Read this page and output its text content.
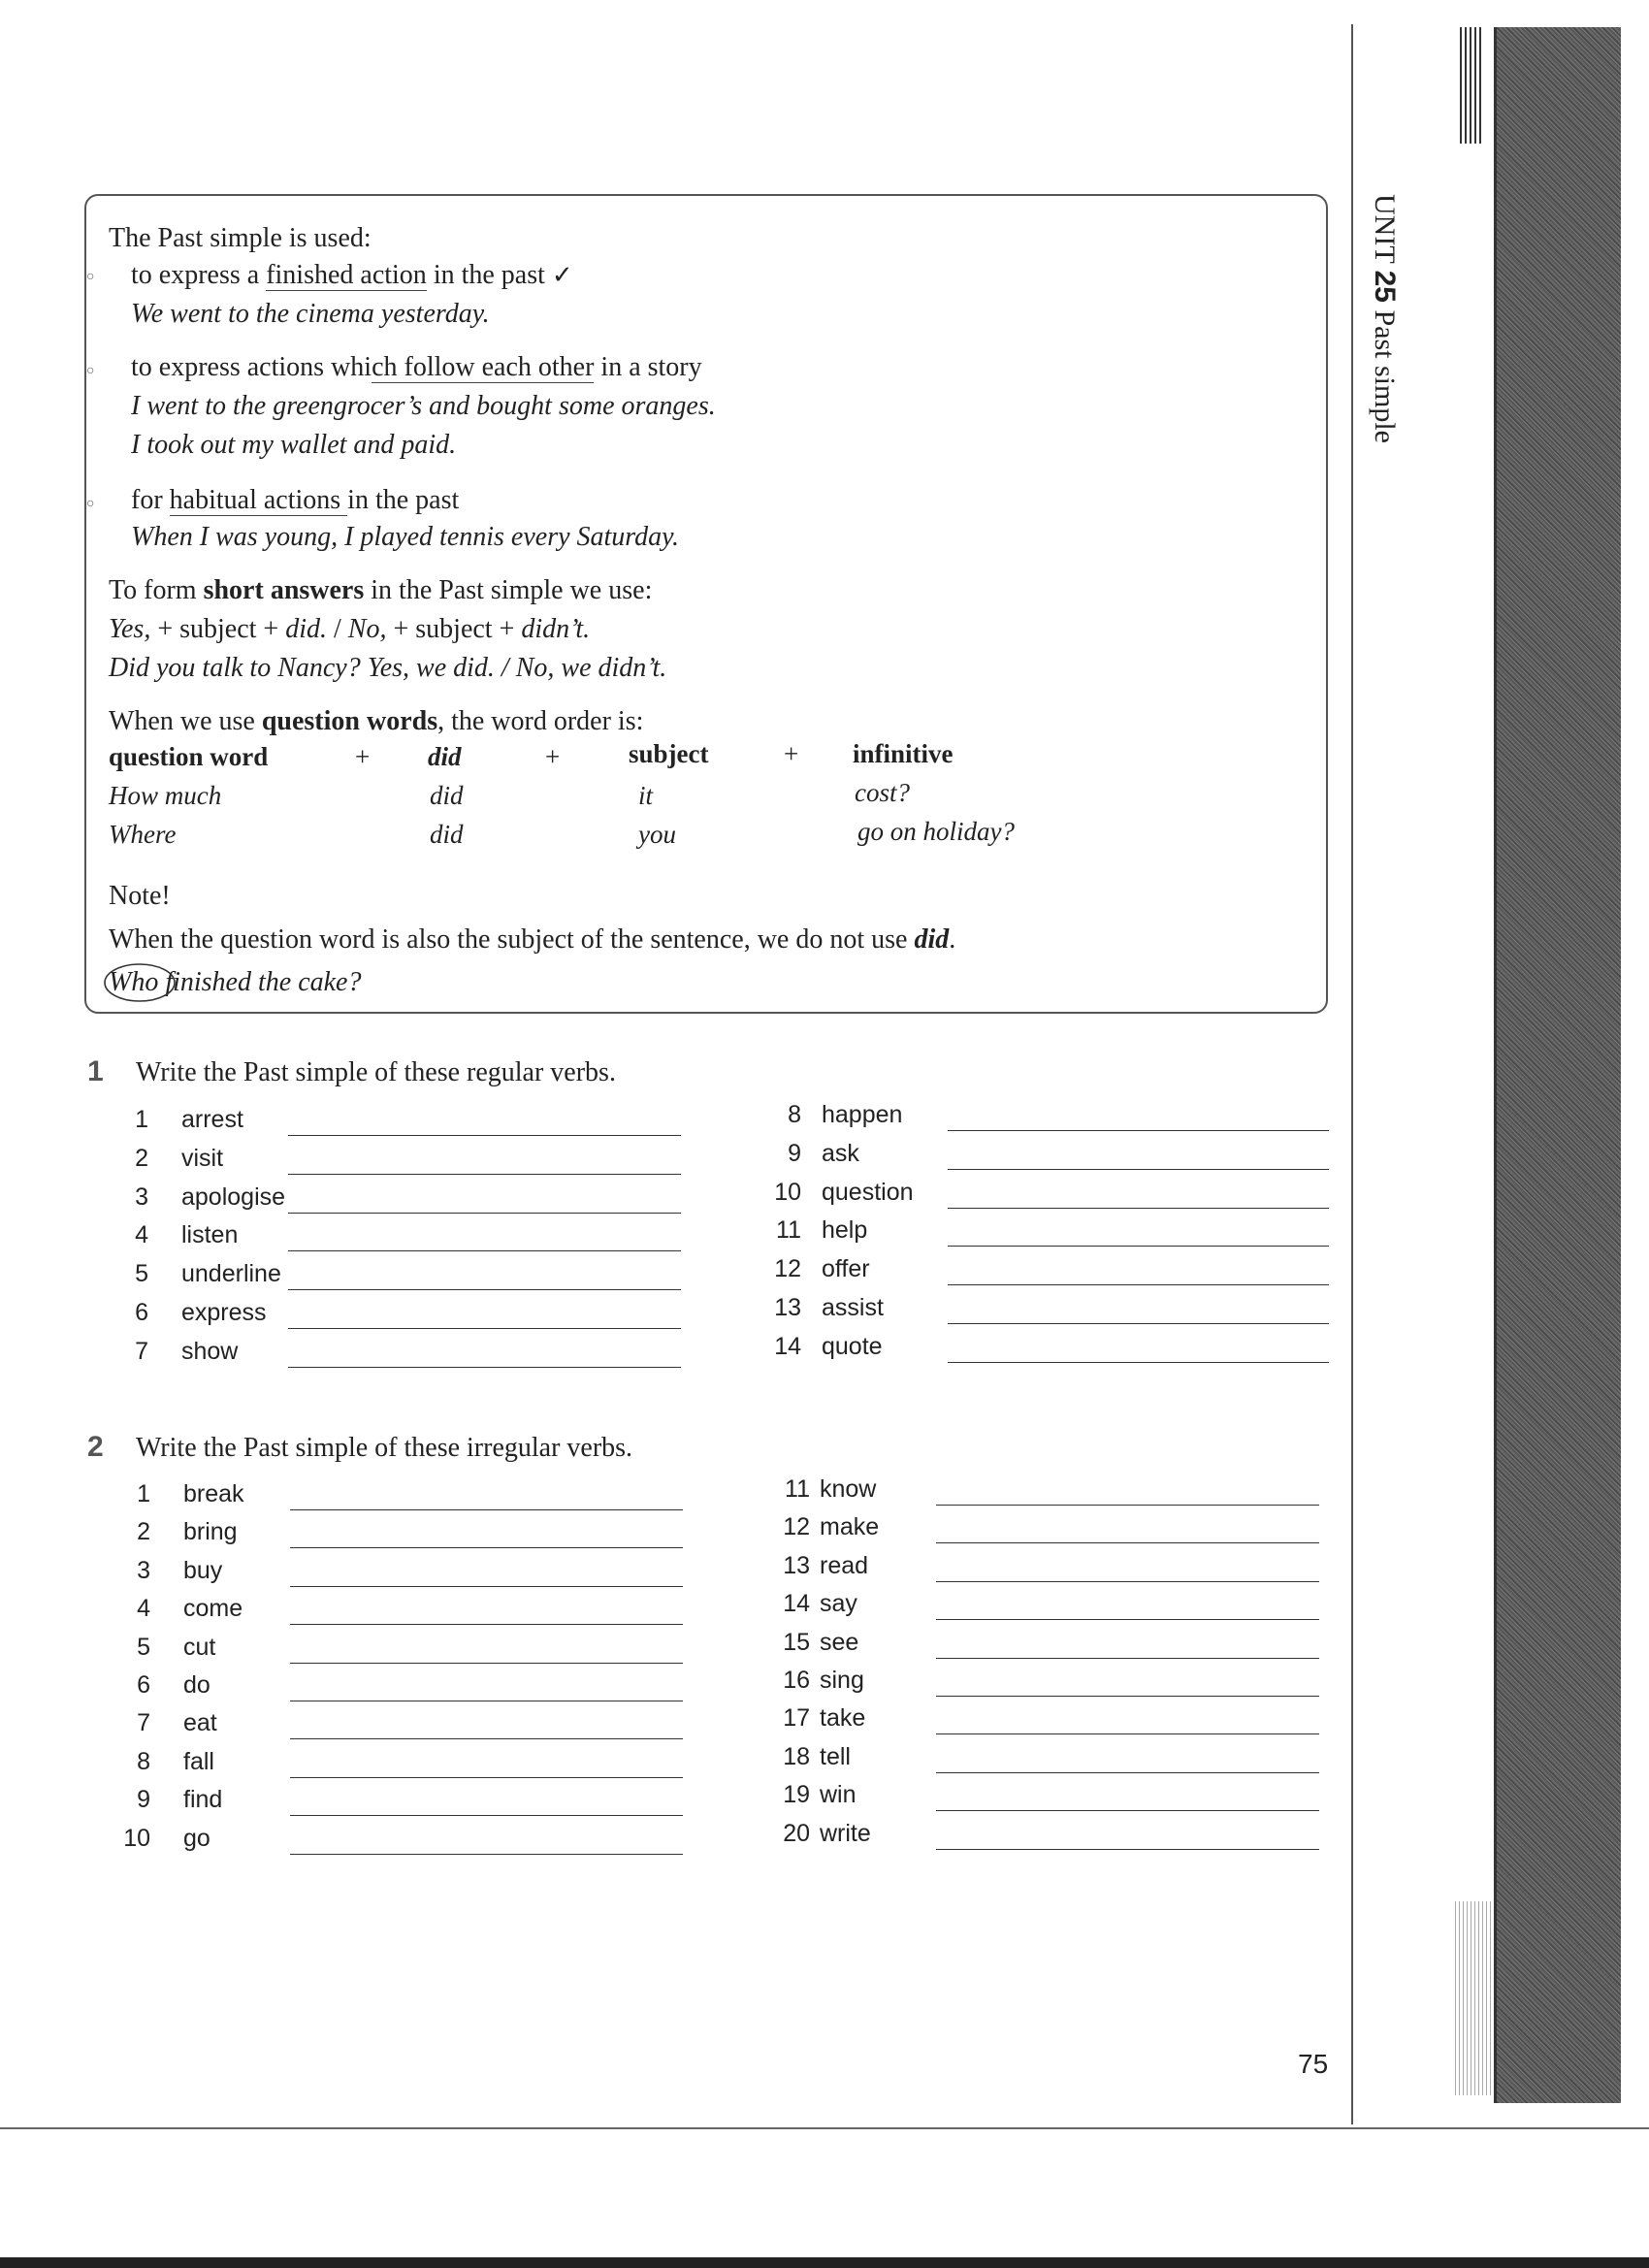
UNIT 25 Past simple
The Past simple is used:
○ to express a finished action in the past ✓
We went to the cinema yesterday.
○ to express actions which follow each other in a story
I went to the greengrocer’s and bought some oranges.
I took out my wallet and paid.
○ for habitual actions in the past
When I was young, I played tennis every Saturday.
To form short answers in the Past simple we use:
Yes, + subject + did. / No, + subject + didn’t.
Did you talk to Nancy? Yes, we did. / No, we didn’t.
When we use question words, the word order is:
question word	+ did	+	subject	+ infinitive
How much	did	it	cost?
Where	did	you	go on holiday?
Note!
When the question word is also the subject of the sentence, we do not use did.
Who finished the cake?
1 Write the Past simple of these regular verbs.
1 arrest
2 visit
3 apologise
4 listen
5 underline
6 express
7 show
8 happen
9 ask
10 question
11 help
12 offer
13 assist
14 quote
2 Write the Past simple of these irregular verbs.
1 break
2 bring
3 buy
4 come
5 cut
6 do
7 eat
8 fall
9 find
10 go
11 know
12 make
13 read
14 say
15 see
16 sing
17 take
18 tell
19 win
20 write
75
